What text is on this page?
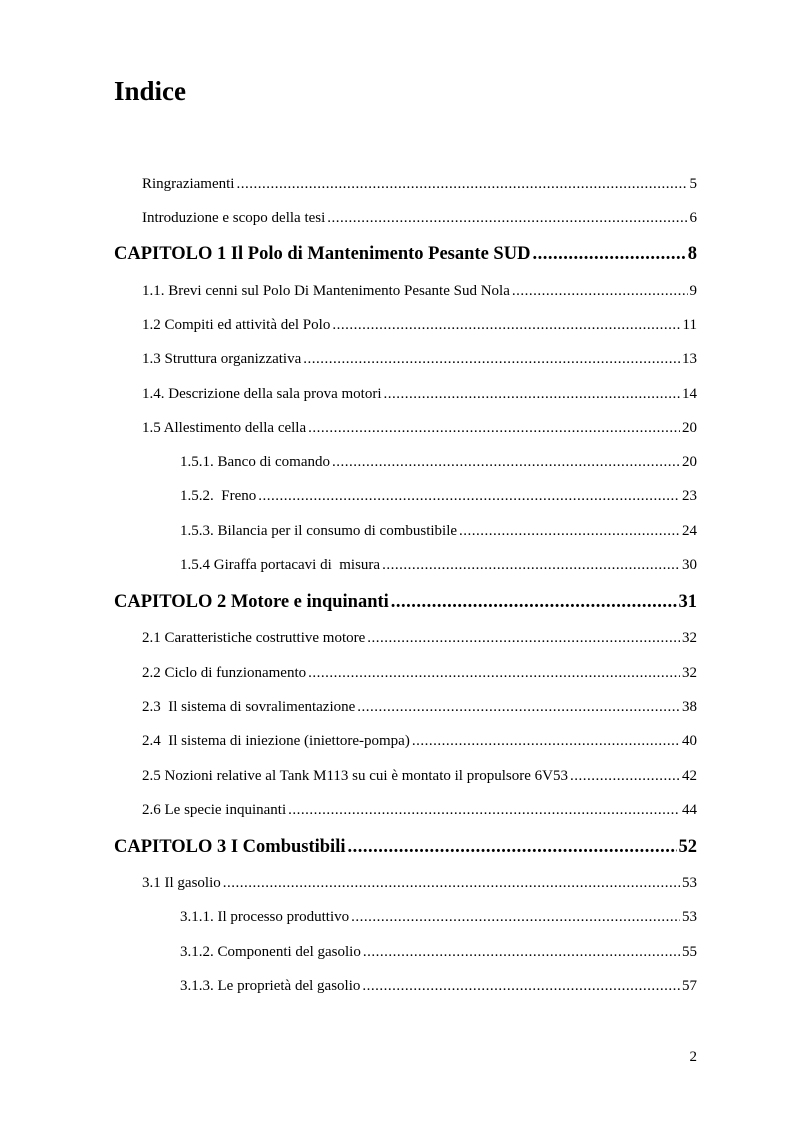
Indice
Ringraziamenti .....	5
Introduzione e scopo della tesi .....	6
CAPITOLO 1 Il Polo di Mantenimento Pesante SUD .....	8
1.1. Brevi cenni sul Polo Di Mantenimento Pesante Sud Nola .....	9
1.2 Compiti ed attività del Polo .....	11
1.3 Struttura organizzativa .....	13
1.4. Descrizione della sala prova motori .....	14
1.5 Allestimento della cella .....	20
1.5.1. Banco di comando .....	20
1.5.2.  Freno .....	23
1.5.3. Bilancia per il consumo di combustibile .....	24
1.5.4 Giraffa portacavi di  misura .....	30
CAPITOLO 2 Motore e inquinanti .....	31
2.1 Caratteristiche costruttive motore .....	32
2.2 Ciclo di funzionamento .....	32
2.3  Il sistema di sovralimentazione .....	38
2.4  Il sistema di iniezione (iniettore-pompa) .....	40
2.5 Nozioni relative al Tank M113 su cui è montato il propulsore 6V53 .....	42
2.6 Le specie inquinanti .....	44
CAPITOLO 3 I Combustibili .....	52
3.1 Il gasolio .....	53
3.1.1. Il processo produttivo .....	53
3.1.2. Componenti del gasolio .....	55
3.1.3. Le proprietà del gasolio .....	57
2
